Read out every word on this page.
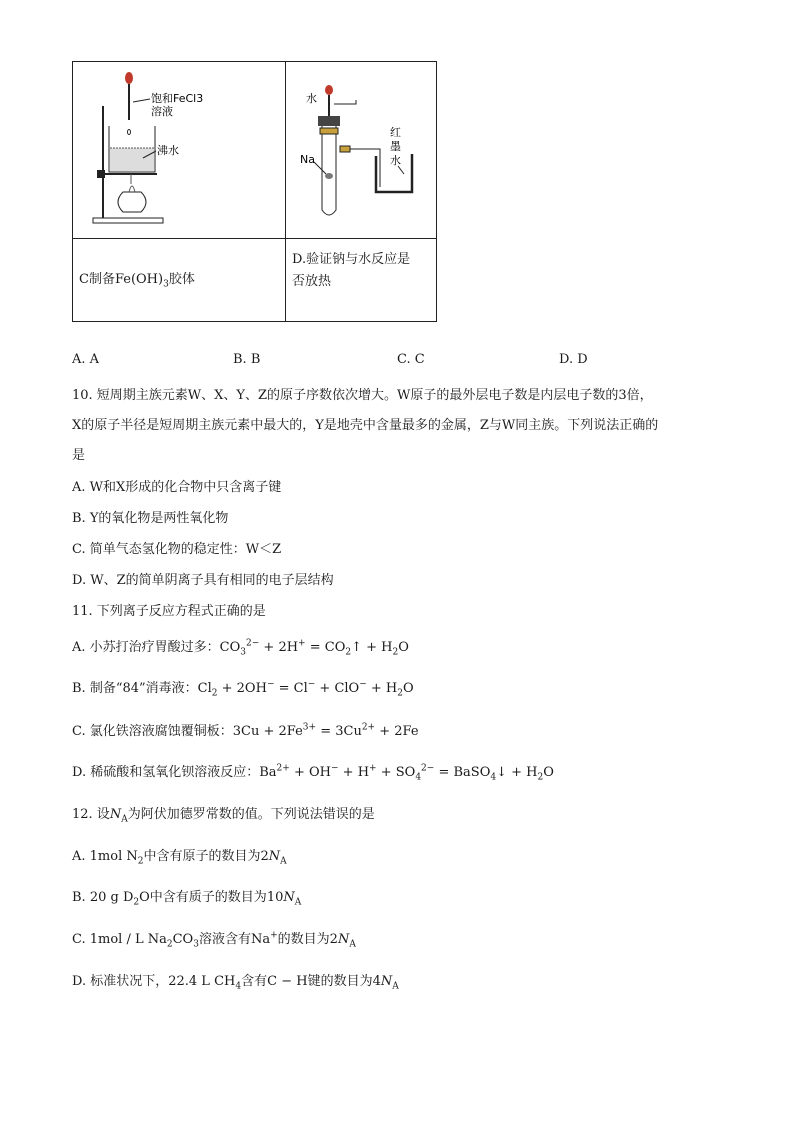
饱和FeCl3
溶液
沸水	水
Na
红
墨
水

C制备$Fe(OH)_3$胶体	D.验证钠与水反应是
否放热
A. A	B. B	C. C	D. D
10. 短周期主族元素W、X、Y、Z的原子序数依次增大。W原子的最外层电子数是内层电子数的3倍，
X的原子半径是短周期主族元素中最大的，Y是地壳中含量最多的金属，Z与W同主族。下列说法正确的
是
A. W和X形成的化合物中只含离子键
B. Y的氧化物是两性氧化物
C. 简单气态氢化物的稳定性：W＜Z
D. W、Z的简单阴离子具有相同的电子层结构
11. 下列离子反应方程式正确的是
A. 小苏打治疗胃酸过多：$CO_3^{2-} + 2H^+$ = $CO_2↑ + H_2O$
B. 制备“84”消毒液：$Cl_2 + 2OH^- = Cl^- + ClO^- + H_2O$
C. 氯化铁溶液腐蚀覆铜板：$3Cu + 2Fe^{3+} = 3Cu^{2+} + 2Fe$
D. 稀硫酸和氢氧化钡溶液反应：$Ba^{2+} + OH^- + H^+ + SO_4^{2-}$ = BaSO$_4$↓ + $H_2O$
12. 设$N_A$为阿伏加德罗常数的值。下列说法错误的是
A. 1mol $N_2$中含有原子的数目为$2N_A$
B. 20 g $D_2O$中含有质子的数目为$10N_A$
C. 1mol / L $Na_2CO_3$溶液含有Na+的数目为$2N_A$
D. 标准状况下，22.4 L $CH_4$含有C − H键的数目为$4N_A$
